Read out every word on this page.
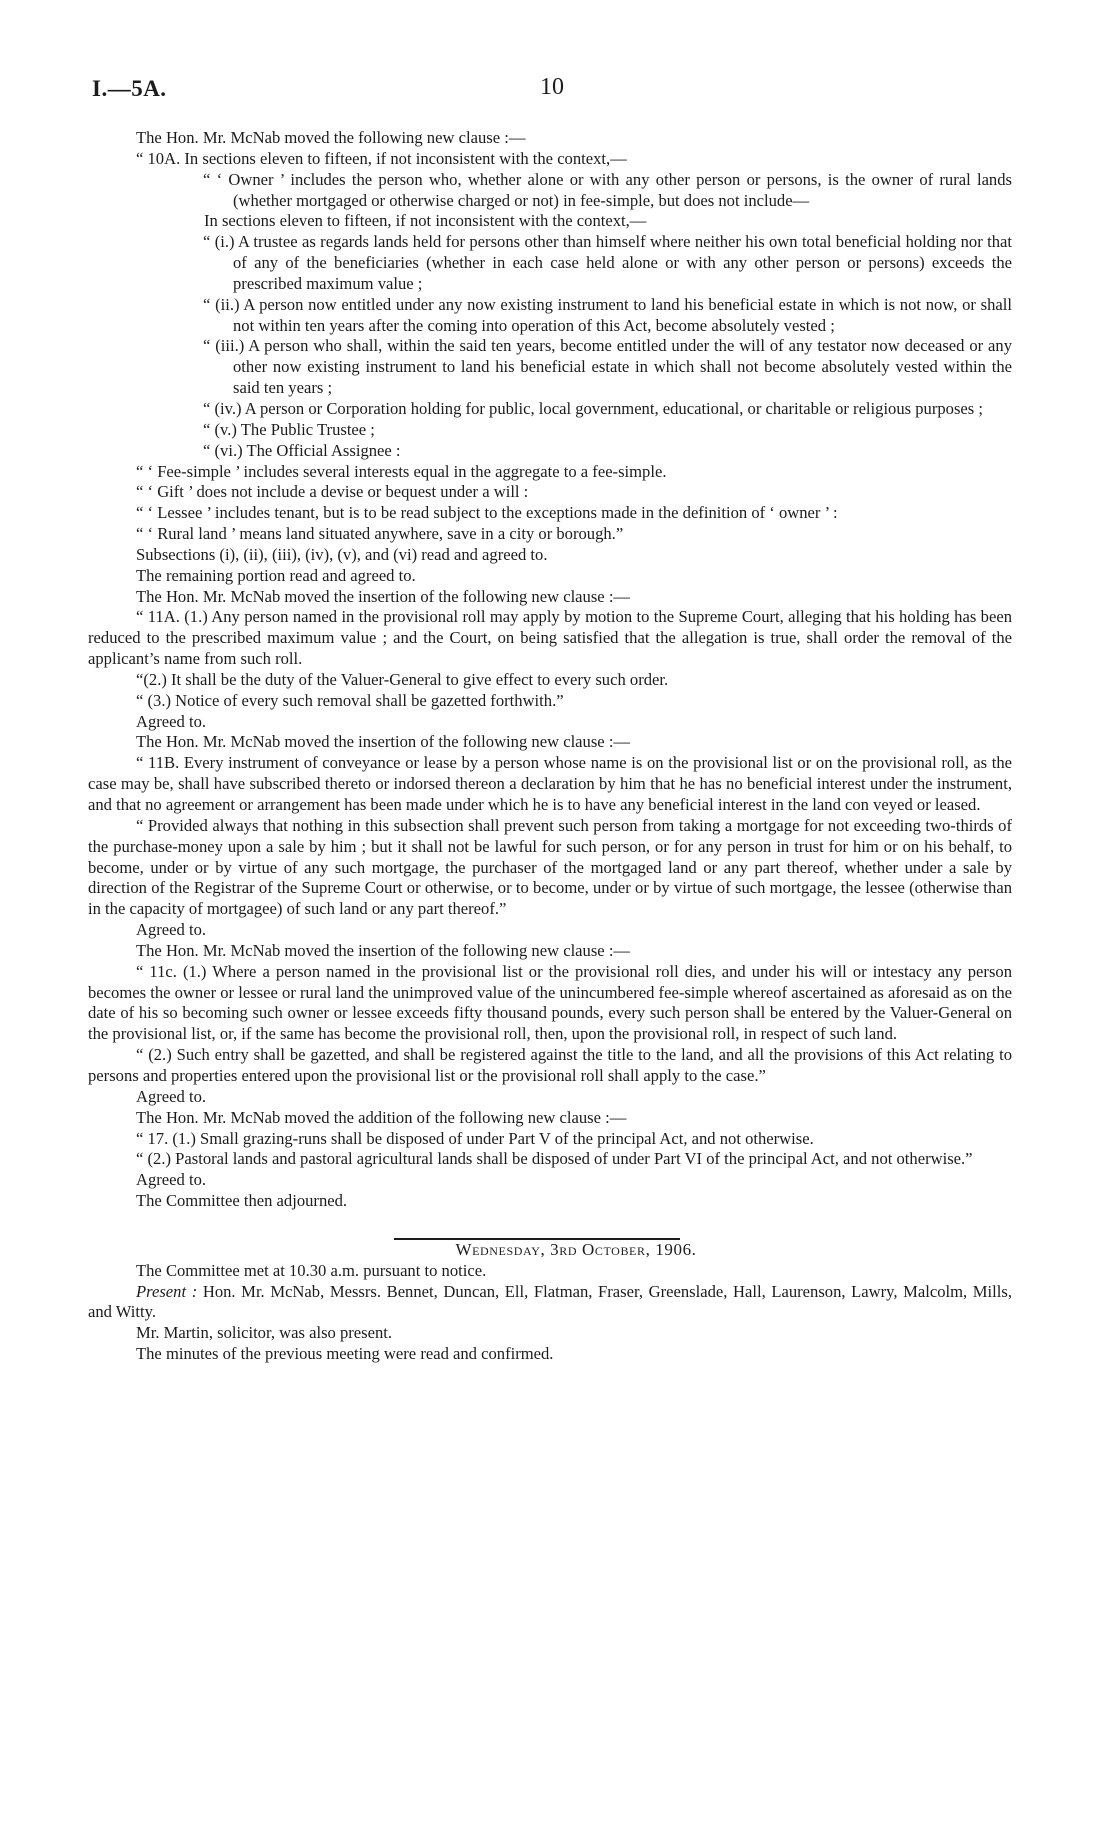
I.—5A.	10

The Hon. Mr. McNab moved the following new clause :—

“ 10A. In sections eleven to fifteen, if not inconsistent with the context,—

“ ‘ Owner ’ includes the person who, whether alone or with any other person or persons, is the owner of rural lands (whether mortgaged or otherwise charged or not) in fee-simple, but does not include—

In sections eleven to fifteen, if not inconsistent with the context,—

“ (i.) A trustee as regards lands held for persons other than himself where neither his own total beneficial holding nor that of any of the beneficiaries (whether in each case held alone or with any other person or persons) exceeds the prescribed maximum value ;

“ (ii.) A person now entitled under any now existing instrument to land his beneficial estate in which is not now, or shall not within ten years after the coming into operation of this Act, become absolutely vested ;

“ (iii.) A person who shall, within the said ten years, become entitled under the will of any testator now deceased or any other now existing instrument to land his beneficial estate in which shall not become absolutely vested within the said ten years ;

“ (iv.) A person or Corporation holding for public, local government, educational, or charitable or religious purposes ;

“ (v.) The Public Trustee ;

“ (vi.) The Official Assignee :

“ ‘ Fee-simple ’ includes several interests equal in the aggregate to a fee-simple.

“ ‘ Gift ’ does not include a devise or bequest under a will :

“ ‘ Lessee ’ includes tenant, but is to be read subject to the exceptions made in the definition of ‘ owner ’ :

“ ‘ Rural land ’ means land situated anywhere, save in a city or borough.”

Subsections (i), (ii), (iii), (iv), (v), and (vi) read and agreed to.

The remaining portion read and agreed to.

The Hon. Mr. McNab moved the insertion of the following new clause :—

“ 11A. (1.) Any person named in the provisional roll may apply by motion to the Supreme Court, alleging that his holding has been reduced to the prescribed maximum value ; and the Court, on being satisfied that the allegation is true, shall order the removal of the applicant’s name from such roll.

“(2.) It shall be the duty of the Valuer-General to give effect to every such order.

“ (3.) Notice of every such removal shall be gazetted forthwith.”

Agreed to.

The Hon. Mr. McNab moved the insertion of the following new clause :—

“ 11B. Every instrument of conveyance or lease by a person whose name is on the provisional list or on the provisional roll, as the case may be, shall have subscribed thereto or indorsed thereon a declaration by him that he has no beneficial interest under the instrument, and that no agreement or arrangement has been made under which he is to have any beneficial interest in the land con veyed or leased.

“ Provided always that nothing in this subsection shall prevent such person from taking a mortgage for not exceeding two-thirds of the purchase-money upon a sale by him ; but it shall not be lawful for such person, or for any person in trust for him or on his behalf, to become, under or by virtue of any such mortgage, the purchaser of the mortgaged land or any part thereof, whether under a sale by direction of the Registrar of the Supreme Court or otherwise, or to become, under or by virtue of such mortgage, the lessee (otherwise than in the capacity of mortgagee) of such land or any part thereof.”

Agreed to.

The Hon. Mr. McNab moved the insertion of the following new clause :—

“ 11c. (1.) Where a person named in the provisional list or the provisional roll dies, and under his will or intestacy any person becomes the owner or lessee or rural land the unimproved value of the unincumbered fee-simple whereof ascertained as aforesaid as on the date of his so becoming such owner or lessee exceeds fifty thousand pounds, every such person shall be entered by the Valuer-General on the provisional list, or, if the same has become the provisional roll, then, upon the provisional roll, in respect of such land.

“ (2.) Such entry shall be gazetted, and shall be registered against the title to the land, and all the provisions of this Act relating to persons and properties entered upon the provisional list or the provisional roll shall apply to the case.”

Agreed to.

The Hon. Mr. McNab moved the addition of the following new clause :—

“ 17. (1.) Small grazing-runs shall be disposed of under Part V of the principal Act, and not otherwise.

“ (2.) Pastoral lands and pastoral agricultural lands shall be disposed of under Part VI of the principal Act, and not otherwise.”

Agreed to.

The Committee then adjourned.

Wednesday, 3rd October, 1906.

The Committee met at 10.30 a.m. pursuant to notice.

Present : Hon. Mr. McNab, Messrs. Bennet, Duncan, Ell, Flatman, Fraser, Greenslade, Hall, Laurenson, Lawry, Malcolm, Mills, and Witty.

Mr. Martin, solicitor, was also present.

The minutes of the previous meeting were read and confirmed.
